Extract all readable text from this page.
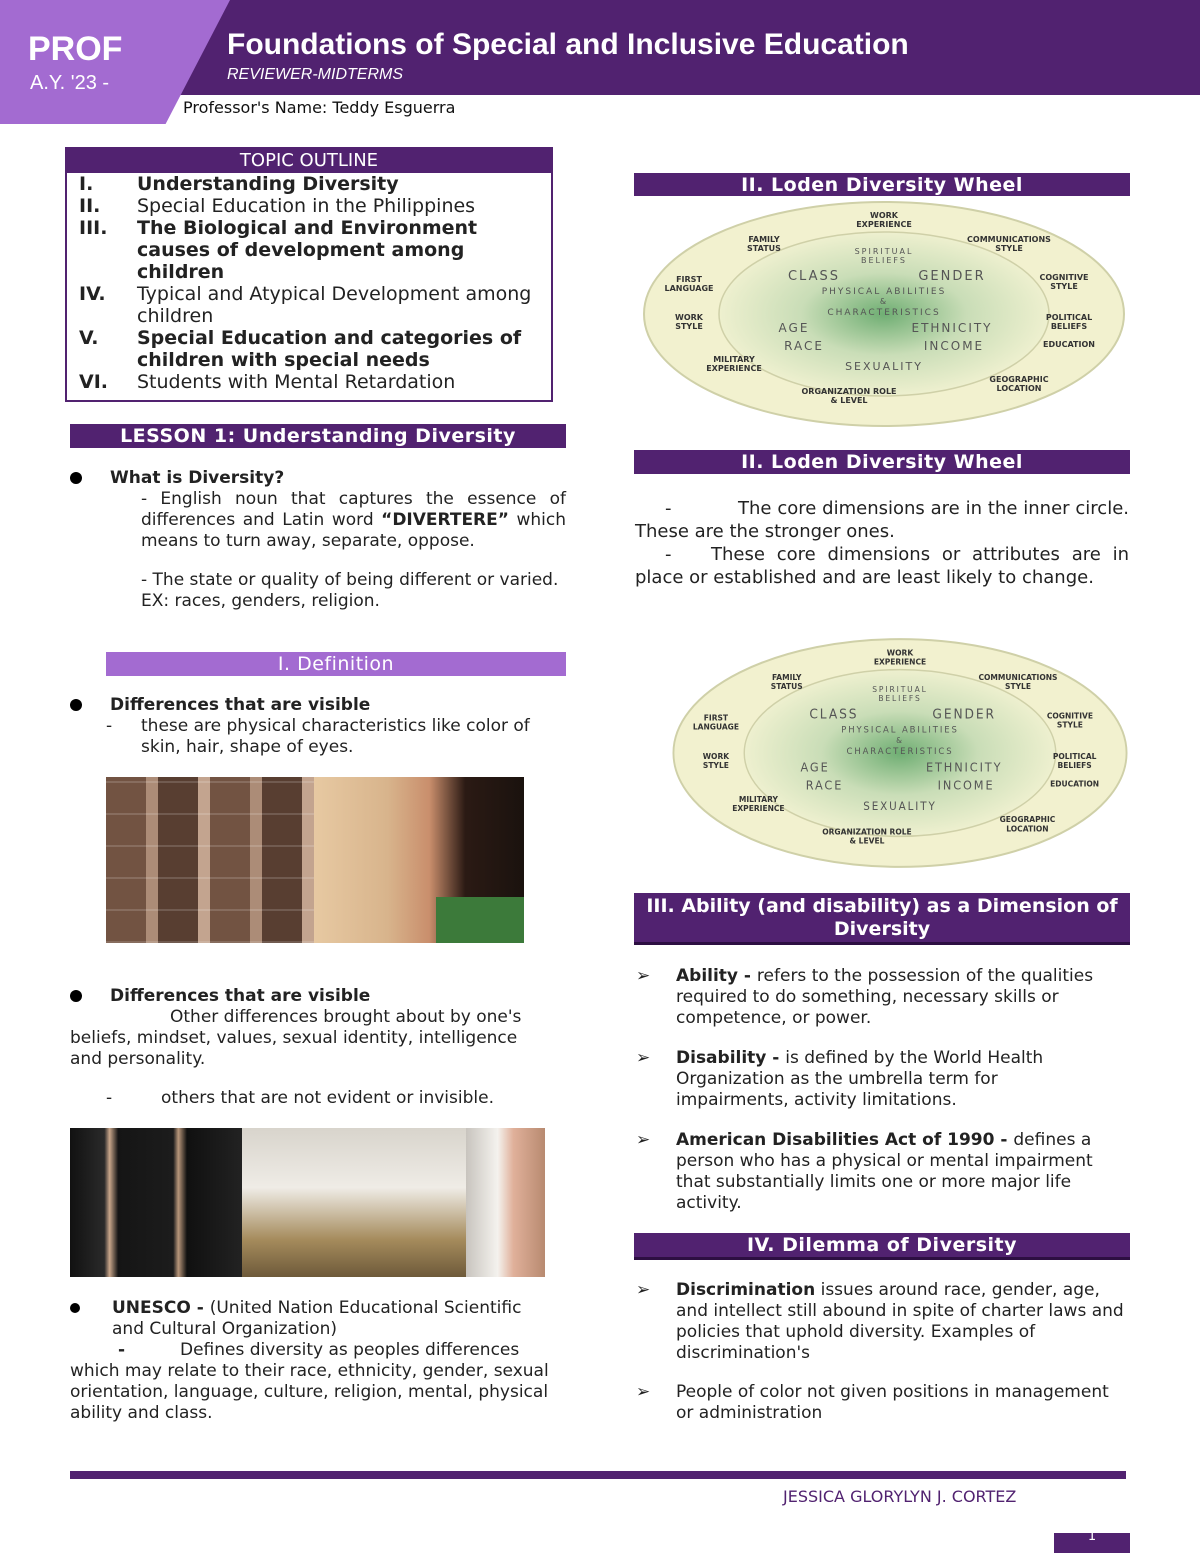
PROF
A.Y. '23 -
Foundations of Special and Inclusive Education
REVIEWER-MIDTERMS
Professor's Name: Teddy Esguerra
TOPIC OUTLINE
I.	Understanding Diversity
II.	Special Education in the Philippines
III.	The Biological and Environment causes of development among children
IV.	Typical and Atypical Development among children
V.	Special Education and categories of children with special needs
VI.	Students with Mental Retardation
LESSON 1: Understanding Diversity
What is Diversity?
- English noun that captures the essence of differences and Latin word “DIVERTERE” which means to turn away, separate, oppose.
- The state or quality of being different or varied.
EX: races, genders, religion.
I. Definition
Differences that are visible
-	these are physical characteristics like color of skin, hair, shape of eyes.
Differences that are visible
Other differences brought about by one's beliefs, mindset, values, sexual identity, intelligence and personality.
-	others that are not evident or invisible.
UNESCO - (United Nation Educational Scientific and Cultural Organization)
-	Defines diversity as peoples differences which may relate to their race, ethnicity, gender, sexual orientation, language, culture, religion, mental, physical ability and class.
II. Loden Diversity Wheel
WORK
EXPERIENCE
FAMILY
STATUS
COMMUNICATIONS
STYLE
FIRST
LANGUAGE
COGNITIVE
STYLE
WORK
STYLE
POLITICAL
BELIEFS
EDUCATION
MILITARY
EXPERIENCE
GEOGRAPHIC
LOCATION
ORGANIZATION ROLE
& LEVEL
SPIRITUAL
BELIEFS
CLASS	GENDER
PHYSICAL ABILITIES
&
CHARACTERISTICS
AGE	ETHNICITY
RACE	INCOME
SEXUALITY
II. Loden Diversity Wheel
-	The core dimensions are in the inner circle. These are the stronger ones.
- These core dimensions or attributes are in place or established and are least likely to change.
WORK
EXPERIENCE
FAMILY
STATUS
COMMUNICATIONS
STYLE
FIRST
LANGUAGE
COGNITIVE
STYLE
WORK
STYLE
POLITICAL
BELIEFS
EDUCATION
MILITARY
EXPERIENCE
GEOGRAPHIC
LOCATION
ORGANIZATION ROLE
& LEVEL
SPIRITUAL
BELIEFS
CLASS	GENDER
PHYSICAL ABILITIES
&
CHARACTERISTICS
AGE	ETHNICITY
RACE	INCOME
SEXUALITY
III. Ability (and disability) as a Dimension of Diversity
➢ Ability - refers to the possession of the qualities required to do something, necessary skills or competence, or power.
➢ Disability - is defined by the World Health Organization as the umbrella term for impairments, activity limitations.
➢ American Disabilities Act of 1990 - defines a person who has a physical or mental impairment that substantially limits one or more major life activity.
IV. Dilemma of Diversity
➢ Discrimination issues around race, gender, age, and intellect still abound in spite of charter laws and policies that uphold diversity. Examples of discrimination's
➢ People of color not given positions in management or administration
JESSICA GLORYLYN J. CORTEZ
1
